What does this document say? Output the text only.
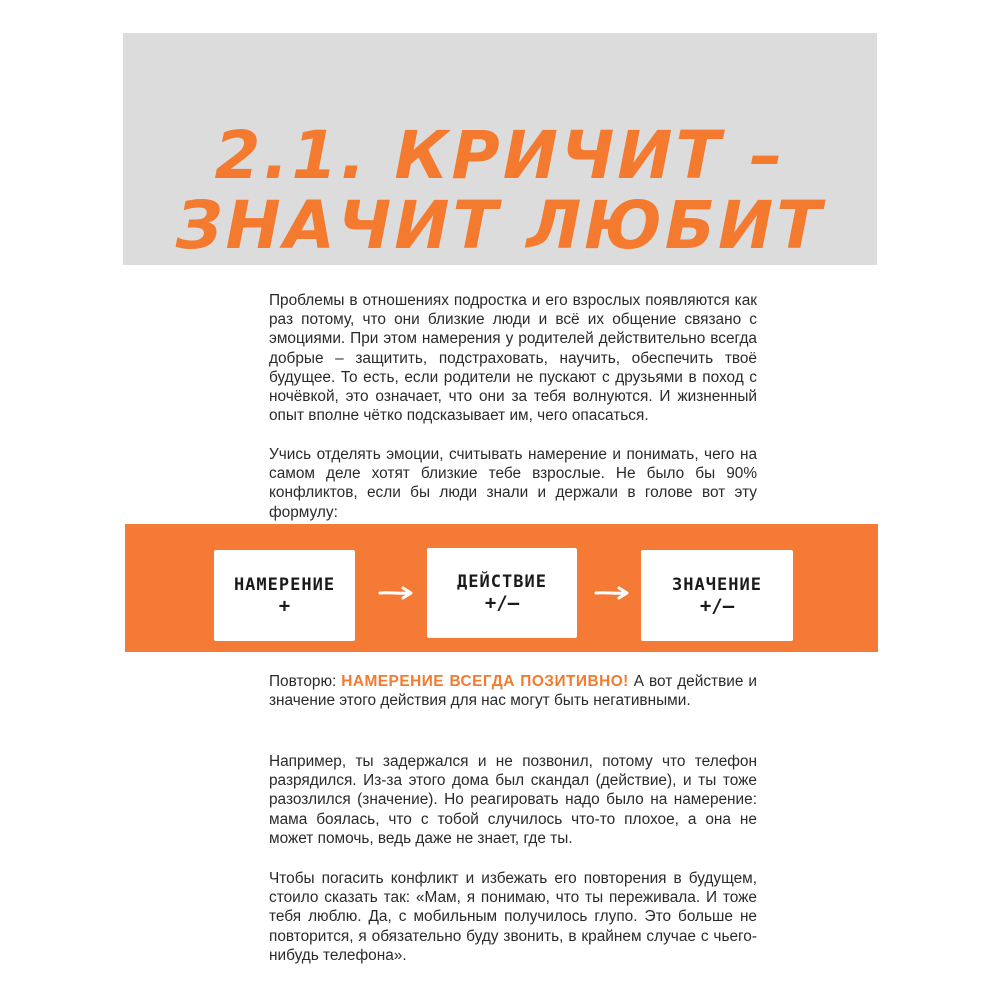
2.1. КРИЧИТ –
ЗНАЧИТ ЛЮБИТ

Проблемы в отношениях подростка и его взрослых появляются как раз потому, что они близкие люди и всё их общение связано с эмоциями. При этом намерения у родителей действительно всегда добрые – защитить, подстраховать, научить, обеспечить твоё будущее. То есть, если родители не пускают с друзьями в поход с ночёвкой, это означает, что они за тебя волнуются. И жизненный опыт вполне чётко подсказывает им, чего опасаться.

Учись отделять эмоции, считывать намерение и понимать, чего на самом деле хотят близкие тебе взрослые. Не было бы 90% конфликтов, если бы люди знали и держали в голове вот эту формулу:

НАМЕРЕНИЕ
+
ДЕЙСТВИЕ
+/–
ЗНАЧЕНИЕ
+/–

Повторю: НАМЕРЕНИЕ ВСЕГДА ПОЗИТИВНО! А вот действие и значение этого действия для нас могут быть негативными.

Например, ты задержался и не позвонил, потому что телефон разрядился. Из-за этого дома был скандал (действие), и ты тоже разозлился (значение). Но реагировать надо было на намерение: мама боялась, что с тобой случилось что-то плохое, а она не может помочь, ведь даже не знает, где ты.

Чтобы погасить конфликт и избежать его повторения в будущем, стоило сказать так: «Мам, я понимаю, что ты переживала. И тоже тебя люблю. Да, с мобильным получилось глупо. Это больше не повторится, я обязательно буду звонить, в крайнем случае с чьего-нибудь телефона».
